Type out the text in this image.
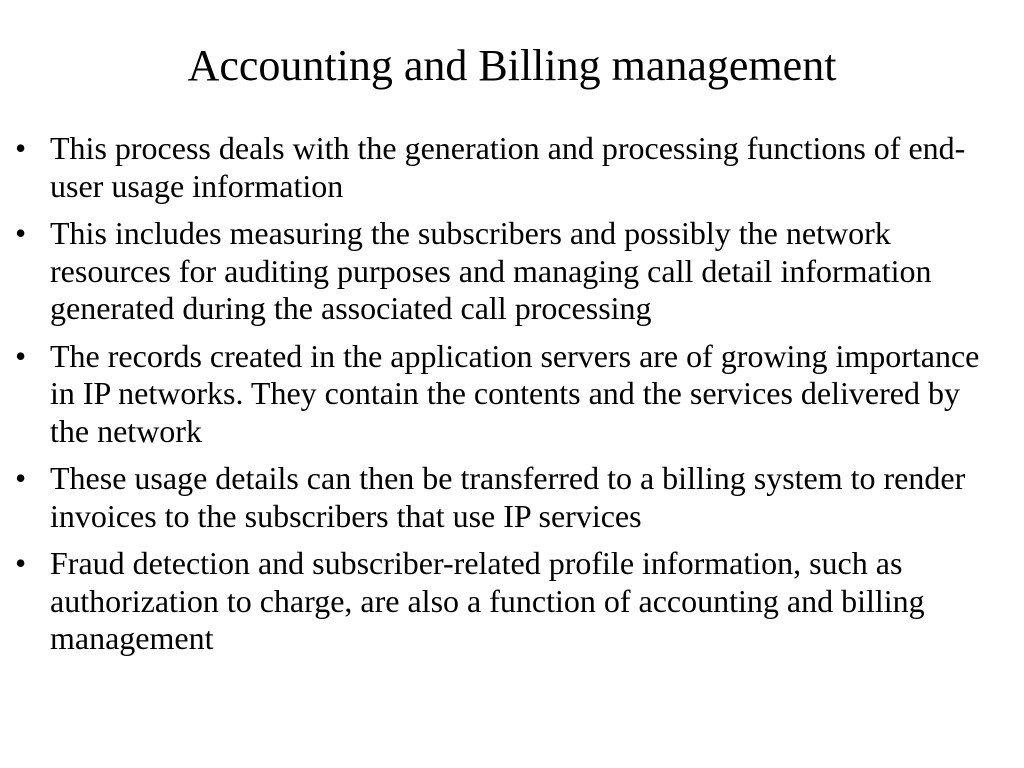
Accounting and Billing management
• This process deals with the generation and processing functions of end-user usage information
• This includes measuring the subscribers and possibly the network resources for auditing purposes and managing call detail information generated during the associated call processing
• The records created in the application servers are of growing importance in IP networks. They contain the contents and the services delivered by the network
• These usage details can then be transferred to a billing system to render invoices to the subscribers that use IP services
• Fraud detection and subscriber-related profile information, such as authorization to charge, are also a function of accounting and billing management
